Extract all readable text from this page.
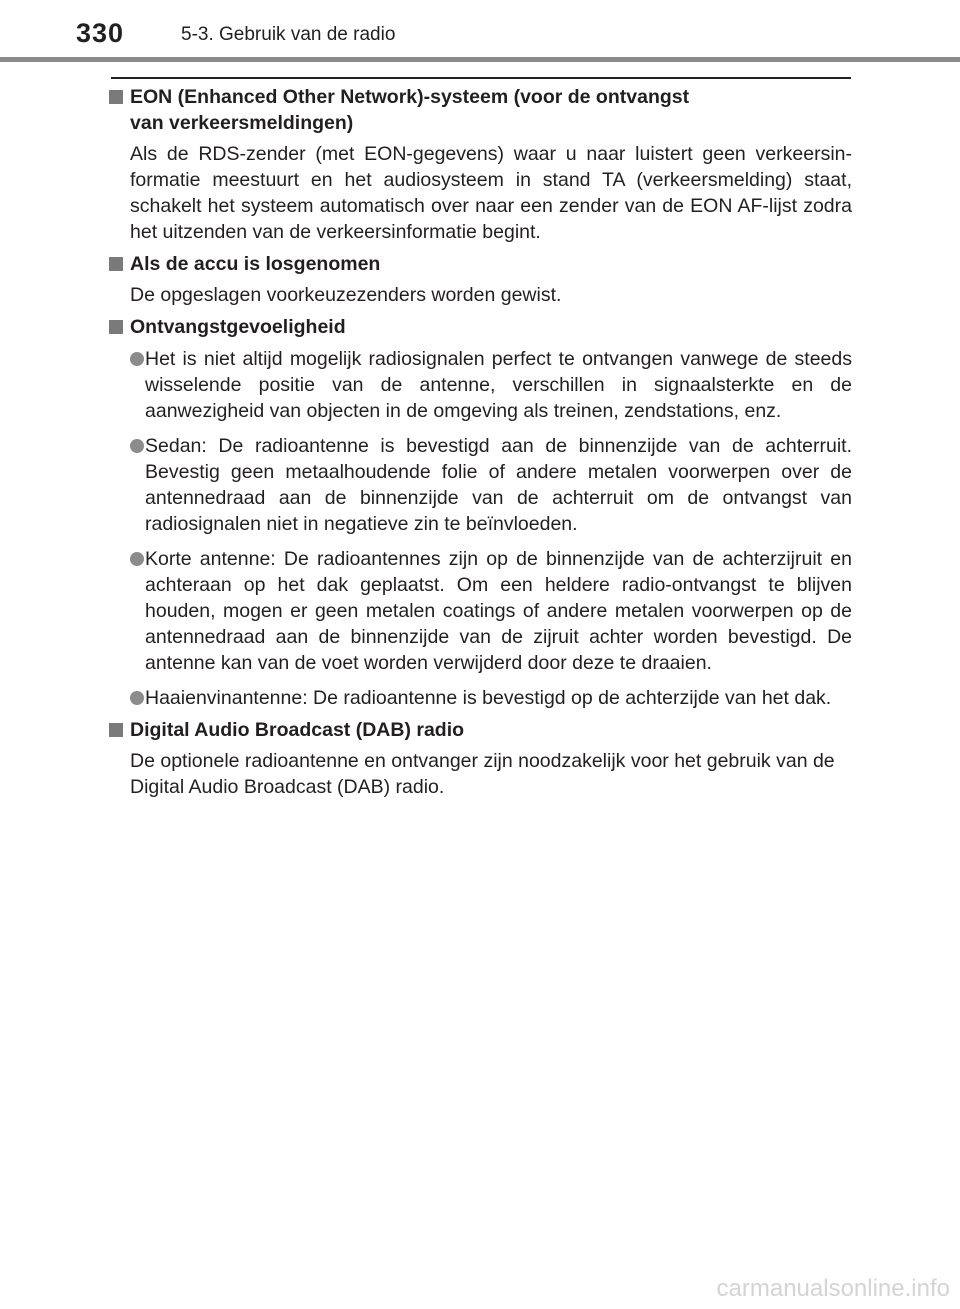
330	5-3. Gebruik van de radio
EON (Enhanced Other Network)-systeem (voor de ontvangst
van verkeersmeldingen)

Als de RDS-zender (met EON-gegevens) waar u naar luistert geen verkeersinformatie meestuurt en het audiosysteem in stand TA (verkeersmelding) staat, schakelt het systeem automatisch over naar een zender van de EON AF-lijst zodra het uitzenden van de verkeersinformatie begint.

Als de accu is losgenomen

De opgeslagen voorkeuzezenders worden gewist.

Ontvangstgevoeligheid
Het is niet altijd mogelijk radiosignalen perfect te ontvangen vanwege de steeds wisselende positie van de antenne, verschillen in signaalsterkte en de aanwezigheid van objecten in de omgeving als treinen, zendstations, enz.
Sedan: De radioantenne is bevestigd aan de binnenzijde van de achterruit. Bevestig geen metaalhoudende folie of andere metalen voorwerpen over de antennedraad aan de binnenzijde van de achterruit om de ontvangst van radiosignalen niet in negatieve zin te beïnvloeden.
Korte antenne: De radioantennes zijn op de binnenzijde van de achterzijruit en achteraan op het dak geplaatst. Om een heldere radio-ontvangst te blijven houden, mogen er geen metalen coatings of andere metalen voorwerpen op de antennedraad aan de binnenzijde van de zijruit achter worden bevestigd. De antenne kan van de voet worden verwijderd door deze te draaien.
Haaienvinantenne: De radioantenne is bevestigd op de achterzijde van het dak.
Digital Audio Broadcast (DAB) radio

De optionele radioantenne en ontvanger zijn noodzakelijk voor het gebruik van de Digital Audio Broadcast (DAB) radio.

carmanualsonline.info
